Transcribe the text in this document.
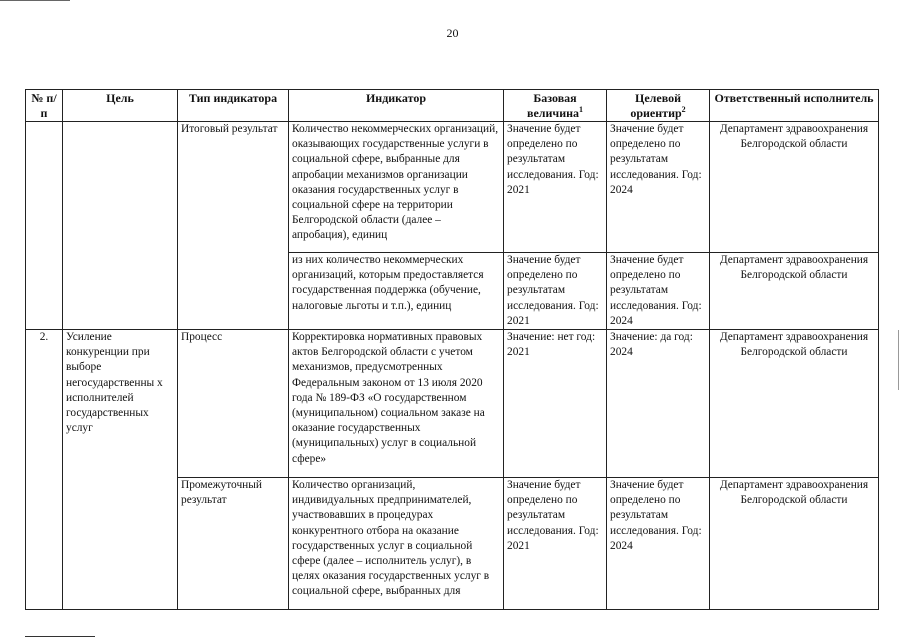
20
№ п/п	Цель	Тип индикатора	Индикатор	Базовая величина$^1$	Целевой ориентир$^2$	Ответственный исполнитель
		Итоговый результат	Количество некоммерческих организаций, оказывающих государственные услуги в социальной сфере, выбранные для апробации механизмов организации оказания государственных услуг в социальной сфере на территории Белгородской области (далее – апробация), единиц	Значение будет определено по результатам исследования. Год: 2021	Значение будет определено по результатам исследования. Год: 2024	Департамент здравоохранения Белгородской области
			из них количество некоммерческих организаций, которым предоставляется государственная поддержка (обучение, налоговые льготы и т.п.), единиц	Значение будет определено по результатам исследования. Год: 2021	Значение будет определено по результатам исследования. Год: 2024	Департамент здравоохранения Белгородской области
2.	Усиление конкуренции при выборе негосударственны х исполнителей государственных услуг	Процесс	Корректировка нормативных правовых актов Белгородской области с учетом механизмов, предусмотренных Федеральным законом от 13 июля 2020 года № 189-ФЗ «О государственном (муниципальном) социальном заказе на оказание государственных (муниципальных) услуг в социальной сфере»	Значение: нет год: 2021	Значение: да год: 2024	Департамент здравоохранения Белгородской области
		Промежуточный результат	Количество организаций, индивидуальных предпринимателей, участвовавших в процедурах конкурентного отбора на оказание государственных услуг в социальной сфере (далее – исполнитель услуг), в целях оказания государственных услуг в социальной сфере, выбранных для	Значение будет определено по результатам исследования. Год: 2021	Значение будет определено по результатам исследования. Год: 2024	Департамент здравоохранения Белгородской области
